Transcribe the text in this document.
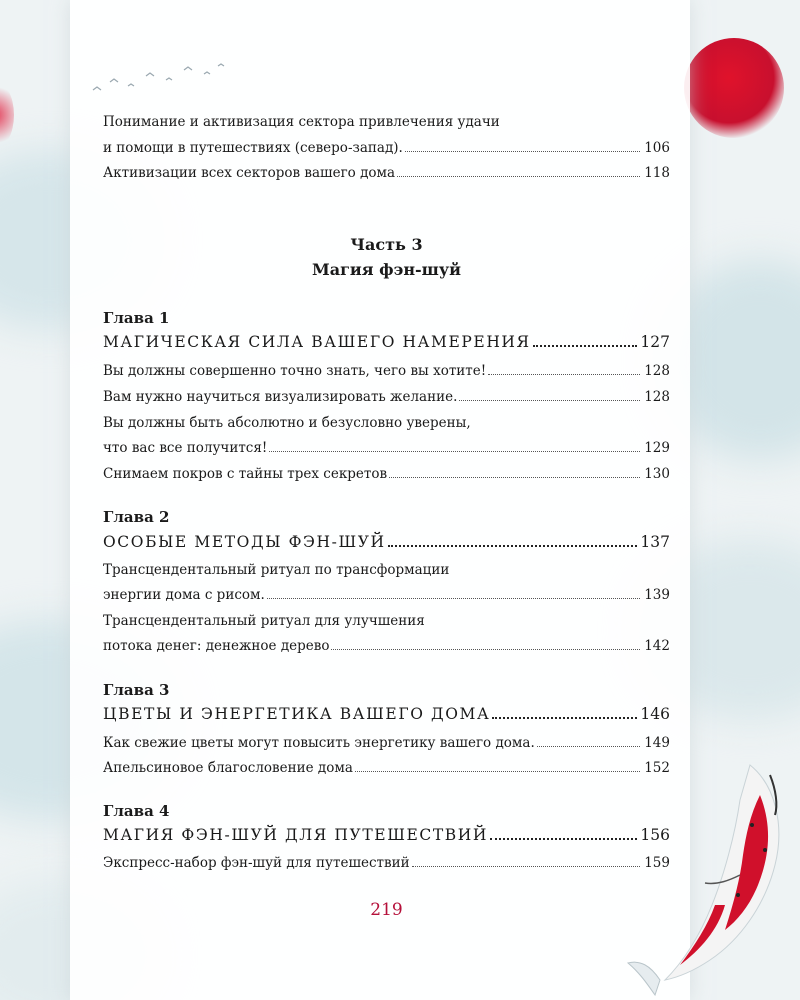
Понимание и активизация сектора привлечения удачи
и помощи в путешествиях (северо-запад).	106
Активизации всех секторов вашего дома	118
Часть 3
Магия фэн-шуй
Глава 1
МАГИЧЕСКАЯ СИЛА ВАШЕГО НАМЕРЕНИЯ	127
Вы должны совершенно точно знать, чего вы хотите!	128
Вам нужно научиться визуализировать желание.	128
Вы должны быть абсолютно и безусловно уверены,
что вас все получится!	129
Снимаем покров с тайны трех секретов	130
Глава 2
ОСОБЫЕ МЕТОДЫ ФЭН-ШУЙ	137
Трансцендентальный ритуал по трансформации
энергии дома с рисом.	139
Трансцендентальный ритуал для улучшения
потока денег: денежное дерево	142
Глава 3
ЦВЕТЫ И ЭНЕРГЕТИКА ВАШЕГО ДОМА	146
Как свежие цветы могут повысить энергетику вашего дома.	149
Апельсиновое благословение дома	152
Глава 4
МАГИЯ ФЭН-ШУЙ ДЛЯ ПУТЕШЕСТВИЙ	156
Экспресс-набор фэн-шуй для путешествий	159
219
